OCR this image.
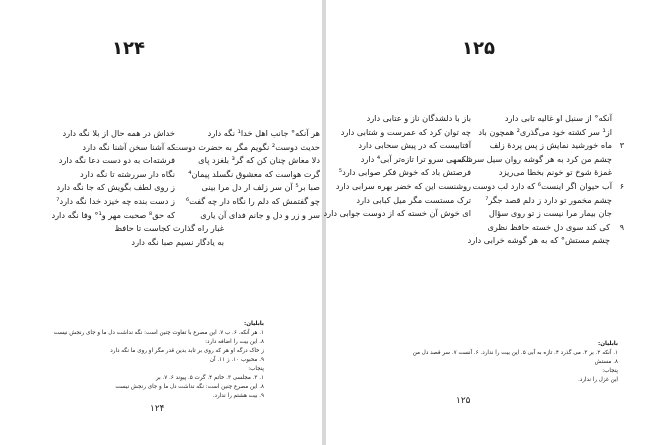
۱۲۴
هر آنکه° جانب اهل خدا¹ نگه دارد
خداش در همه حال از بلا نگه دارد
حدیث دوست² نگویم مگر به حضرت دوست
که آشنا سخن آشنا نگه دارد
دلا معاش چنان کن که گر³ بلغزد پای
فرشته‌ات به دو دست دعا نگه دارد
گرت هواست که معشوق نگسلد پیمان⁴
نگاه دار سررشته تا نگه دارد
صبا بر⁵ آن سر زلف ار دل مرا بینی
ز روی لطف بگویش که جا نگه دارد
چو گفتمش که دلم را نگاه دار چه گفت⁶
ز دست بنده چه خیزد خدا نگه دارد⁷
سر و زر و دل و جانم فدای آن یاری
که حق⁸ صحبت مهر و¹° وفا نگه دارد
غبار راه گذارت کجاست تا حافظ
به یادگار نسیم صبا نگه دارد
بابلیان:
۱. هر آنکه. ۶. ب ۷. این مصرع با تفاوت چنین است: نگه نداشت دل ما و جای رنجش نیست
۸. این بیت را اضافه دارد:
ز خاک درگه او هر که روی بر تابد بدین قدر مگر او روی ما نگه دارد
۹. محبوب ۱۰. ز ۱۱. آن
پنجاب:
۱. ۳. مجلسی ۳. خاتم ۴. گرت ۵. پیوند ۶. ۷. بر
۸. این مصرع چنین است: نگه نداشت دل ما و جای رنجش نیست
۹. بیت هشتم را ندارد.
۱۲۴
۱۲۵
آنکه° از سنبل او غالیه تابی دارد
باز با دلشدگان ناز و عتابی دارد
از¹ سر کشته خود می‌گذری² همچون باد
چه توان کرد که عمرست و شتابی دارد
۳
ماه خورشید نمایش ز پس پردهٔ زلف
آفتابیست که در پیش سحابی دارد
چشم من کرد به هر گوشه روان سیل سرشک
تا سهی سرو ترا تازه‌تر آبی⁴ دارد
غمزهٔ شوخ تو خونم بخطا می‌ریزد
فرصتش باد که خوش فکر صوابی دارد⁵
۶
آب حیوان اگر اینست⁶ که دارد لب دوست
روشنست این که خضر بهره سرابی دارد
چشم مخمور تو دارد ز دلم قصد جگر⁷
ترک مستست مگر میل کبابی دارد
جان بیمار مرا نیست ز تو روی سؤال
ای خوش آن خسته که از دوست جوابی دارد
۹
کی کند سوی دل خسته حافظ نظری
چشم مستش° که به هر گوشه خرابی دارد
بابلیان:
۱. آنکه ۲. بر ۳. می گذرد ۴. تازه به آبی ۵. این بیت را ندارد. ۶. آنست ۷. سر قصد دل من
۸. مستش
پنجاب:
این غزل را ندارد.
۱۲۵
